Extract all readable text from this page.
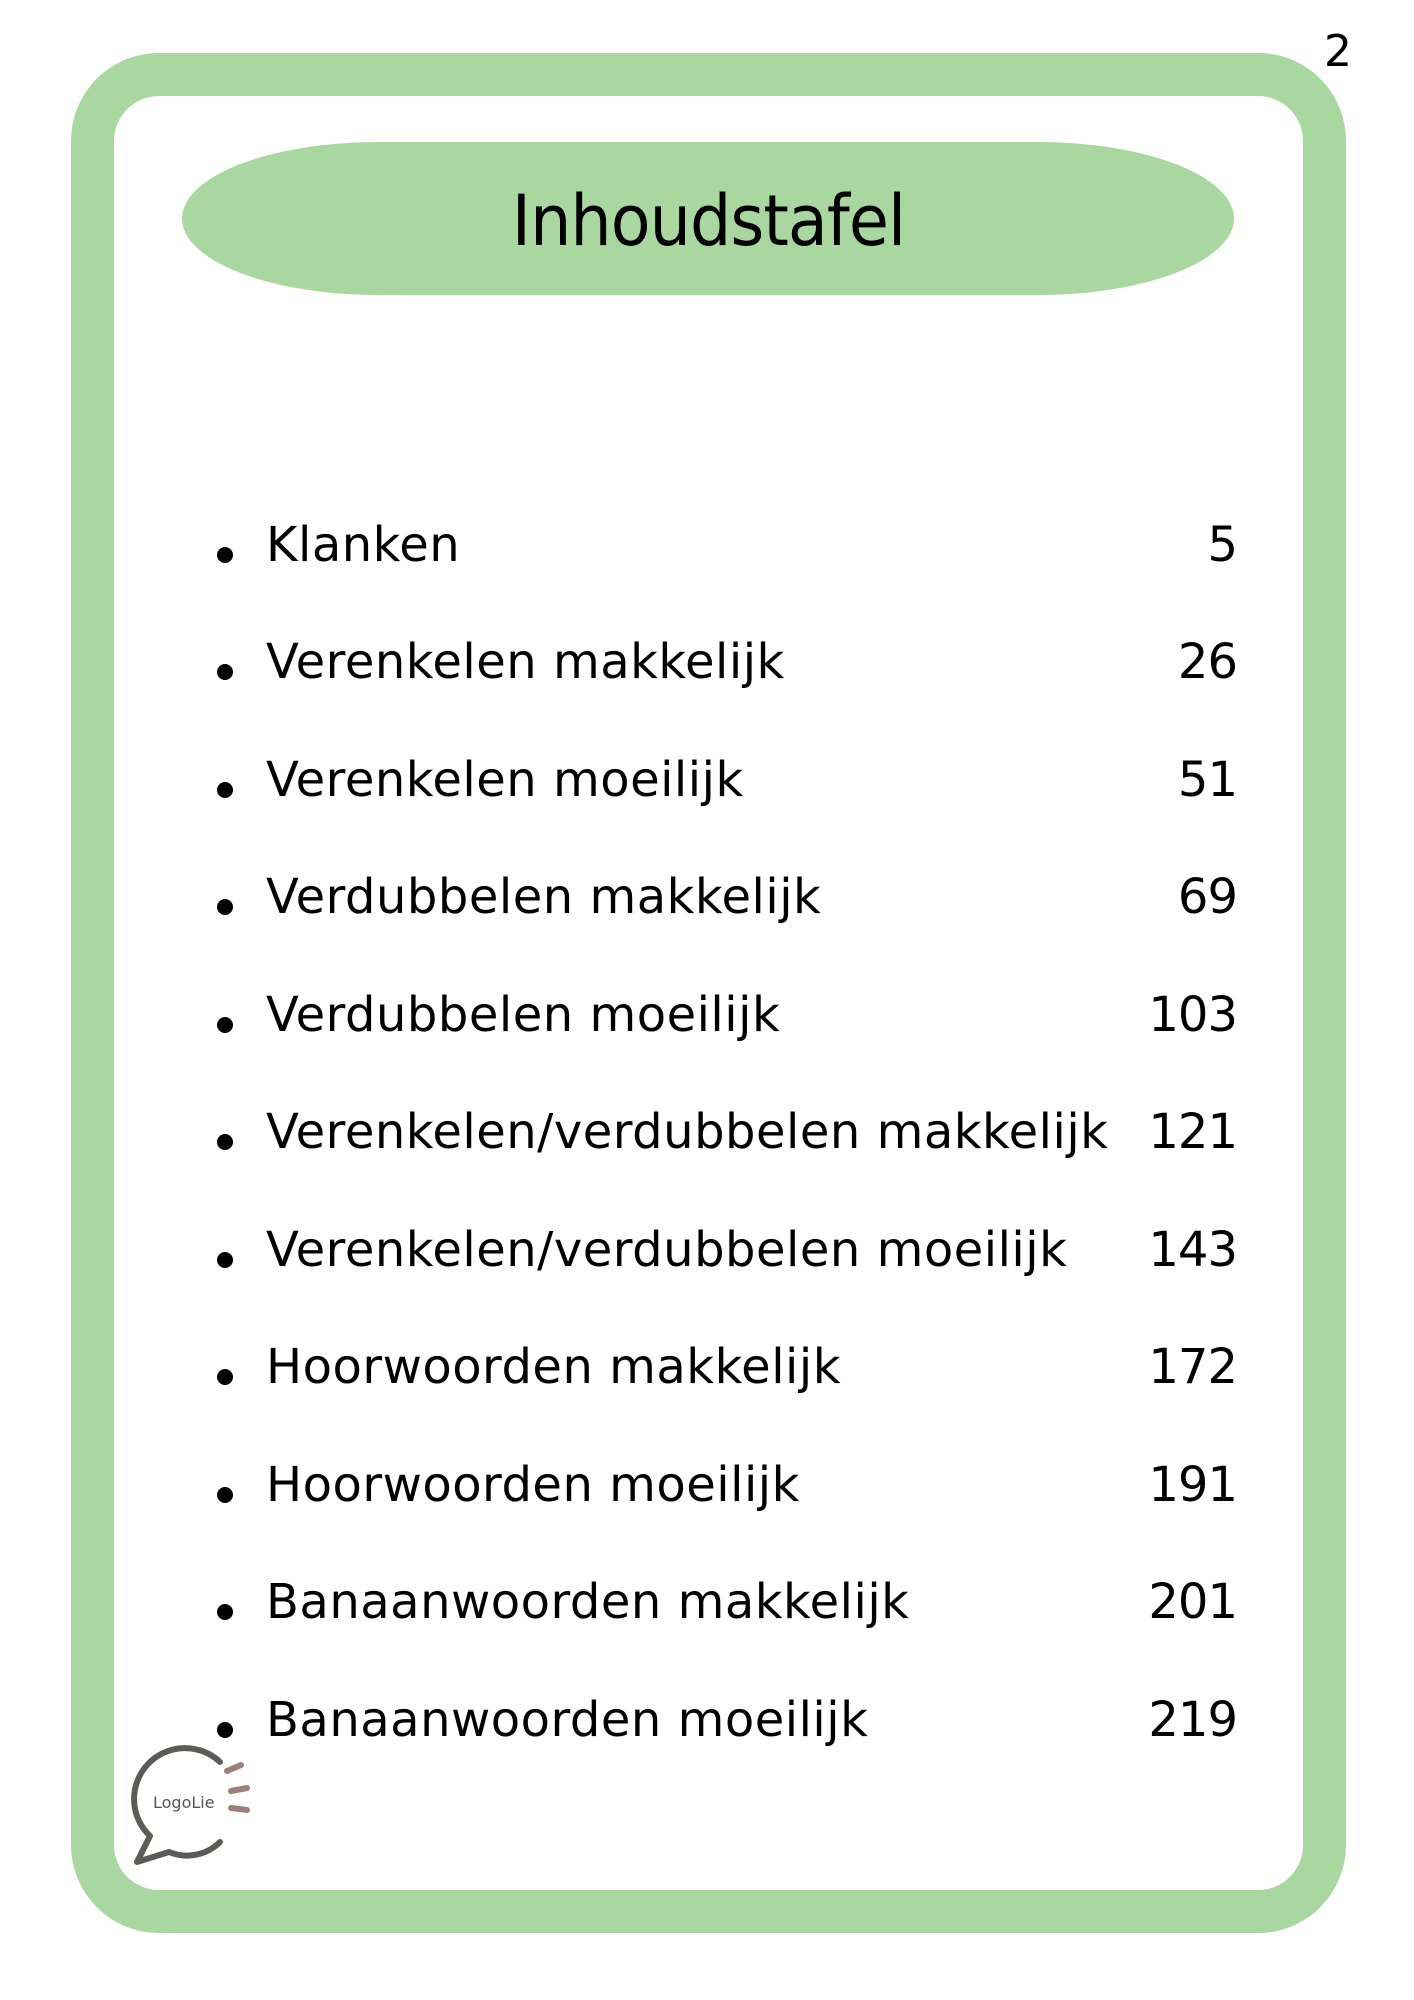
2
Inhoudstafel
Klanken	5
Verenkelen makkelijk	26
Verenkelen moeilijk	51
Verdubbelen makkelijk	69
Verdubbelen moeilijk	103
Verenkelen/verdubbelen makkelijk 121
Verenkelen/verdubbelen moeilijk 143
Hoorwoorden makkelijk	172
Hoorwoorden moeilijk	191
Banaanwoorden makkelijk	201
Banaanwoorden moeilijk	219
LogoLie
